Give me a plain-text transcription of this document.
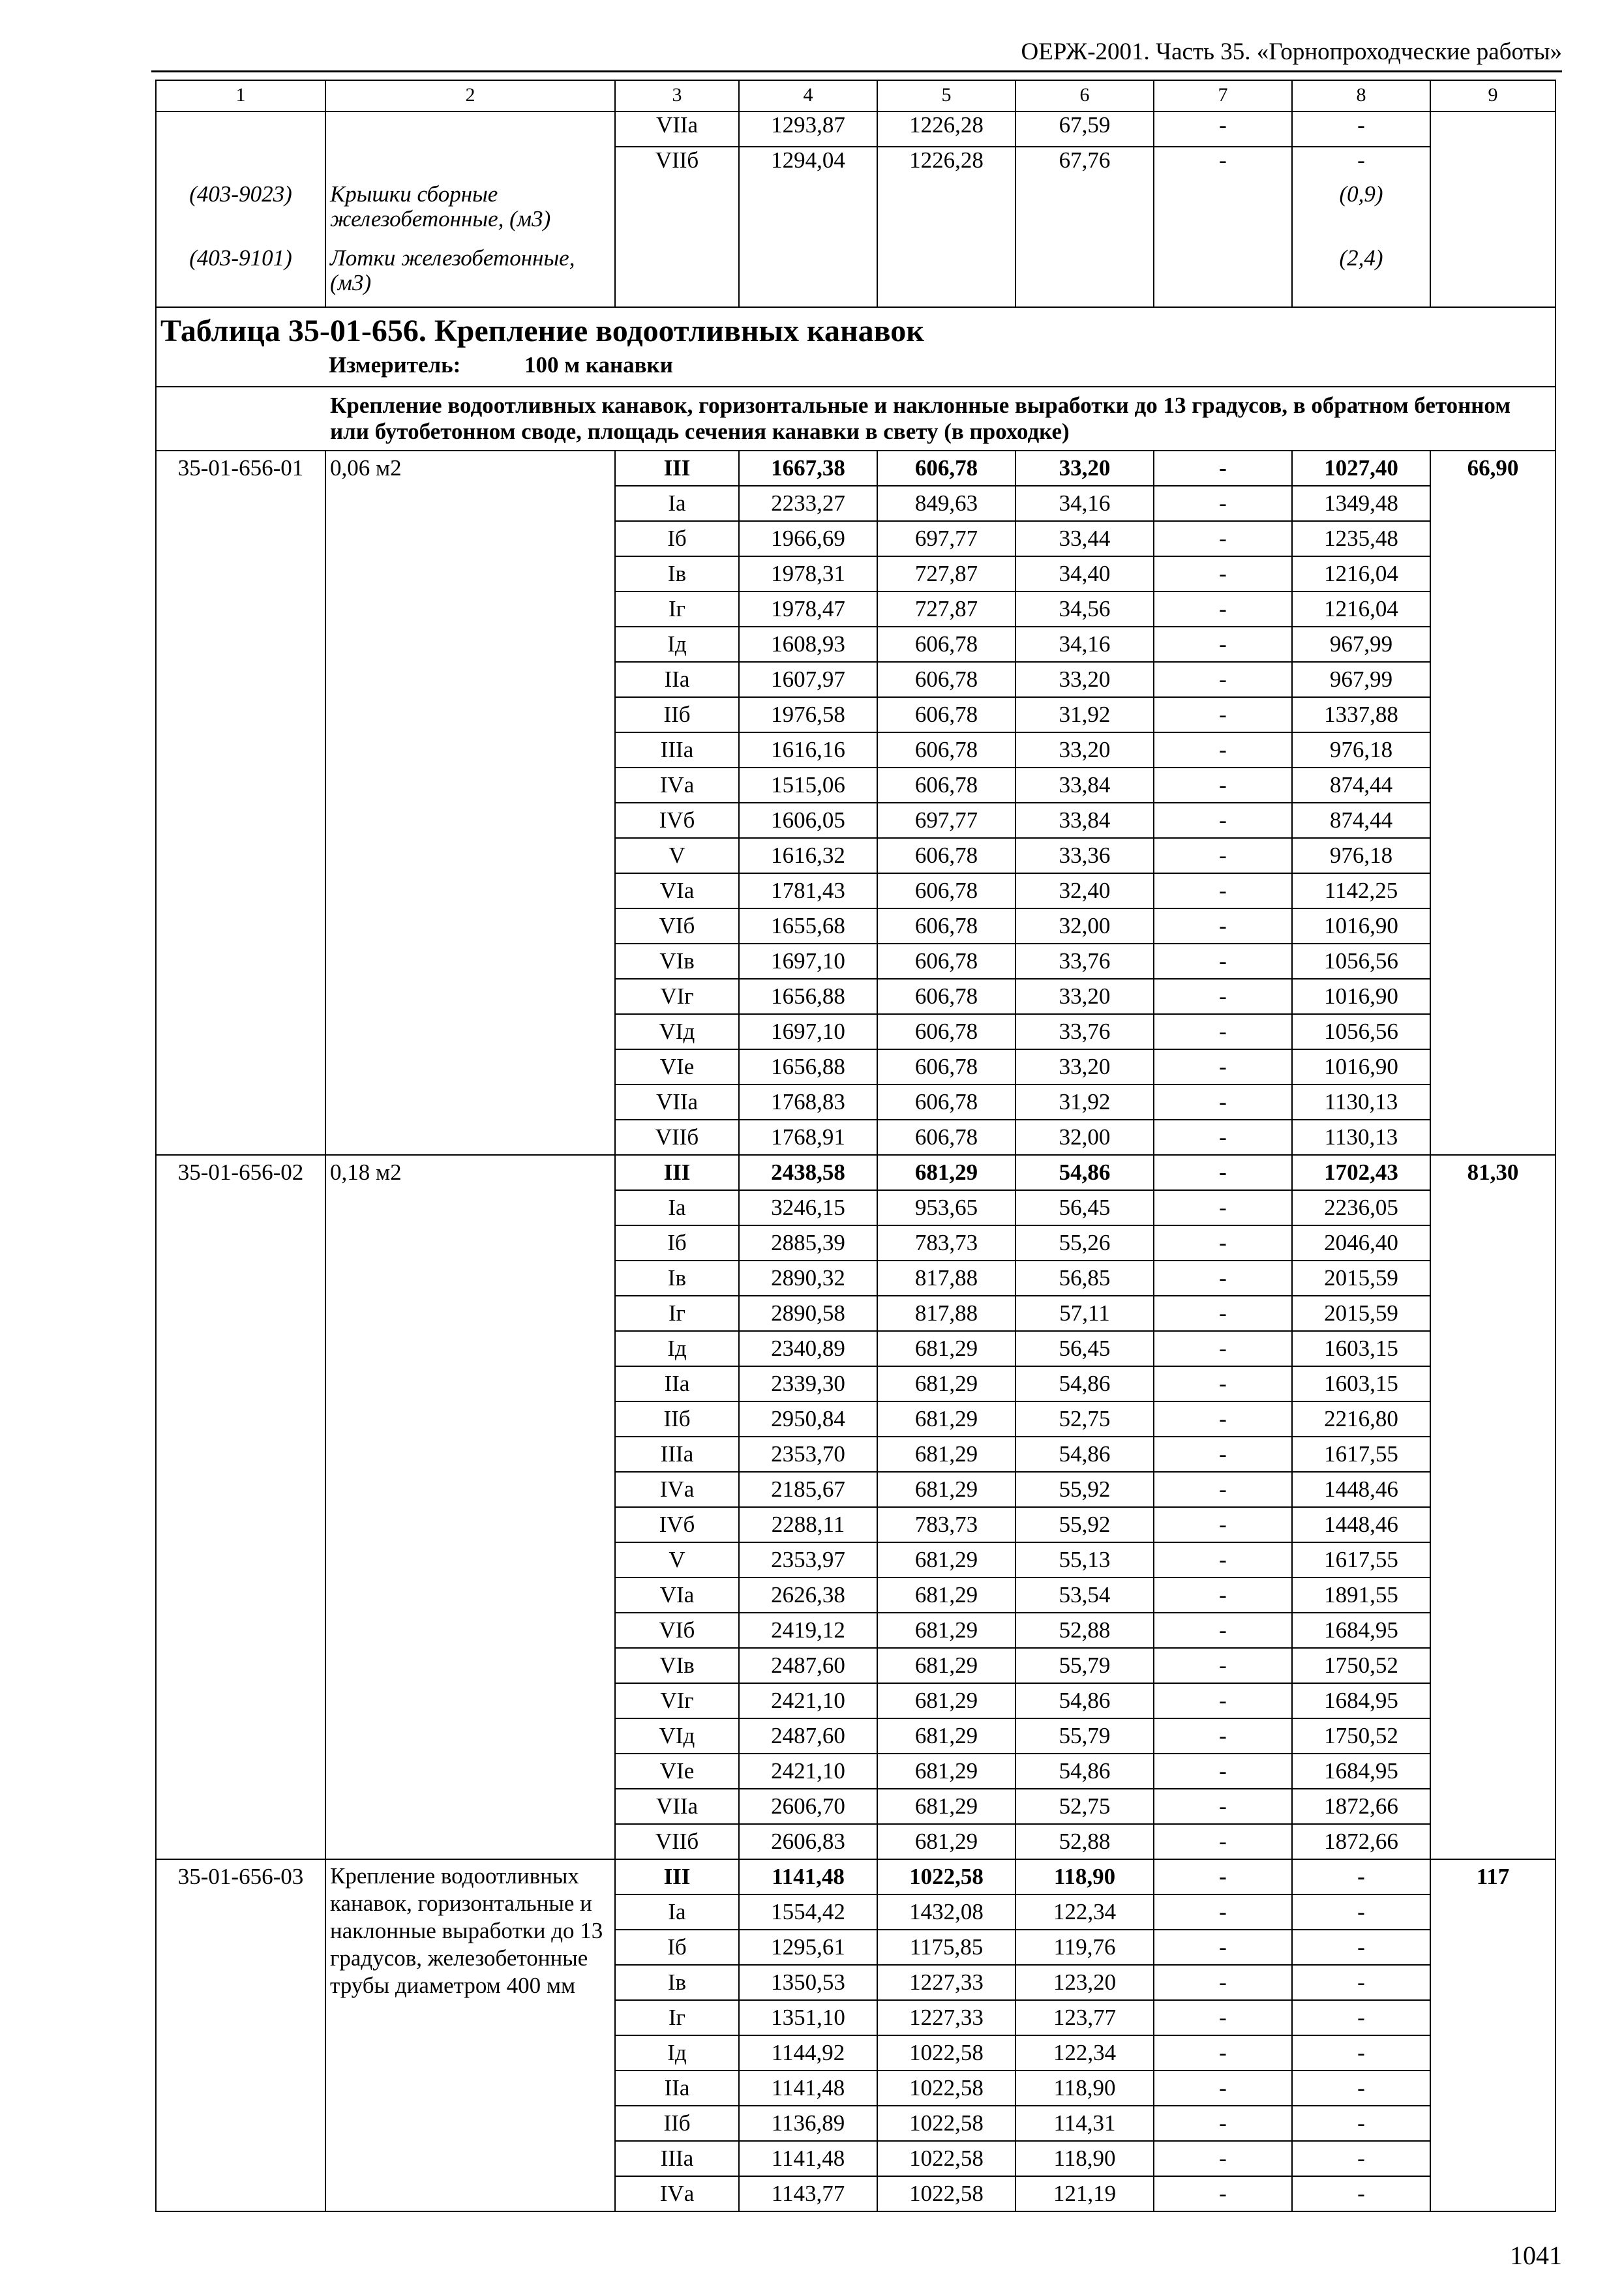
ОЕРЖ-2001. Часть 35. «Горнопроходческие работы»
1	2	3	4	5	6	7	8	9
		VIIа	1293,87	1226,28	67,59	-	-	
		VIIб	1294,04	1226,28	67,76	-	-	
(403-9023)	Крышки сборные железобетонные, (м3)						(0,9)	
(403-9101)	Лотки железобетонные, (м3)						(2,4)	

Таблица 35-01-656. Крепление водоотливных канавок
Измеритель: 100 м канавки								

Крепление водоотливных канавок, горизонтальные и наклонные выработки до 13 градусов, в обратном бетонном или бутобетонном своде, площадь сечения канавки в свету (в проходке)								
35-01-656-01	0,06 м2	III	1667,38	606,78	33,20	-	1027,40	66,90
		Iа	2233,27	849,63	34,16	-	1349,48	
		Iб	1966,69	697,77	33,44	-	1235,48	
		Iв	1978,31	727,87	34,40	-	1216,04	
		Iг	1978,47	727,87	34,56	-	1216,04	
		Iд	1608,93	606,78	34,16	-	967,99	
		IIа	1607,97	606,78	33,20	-	967,99	
		IIб	1976,58	606,78	31,92	-	1337,88	
		IIIа	1616,16	606,78	33,20	-	976,18	
		IVа	1515,06	606,78	33,84	-	874,44	
		IVб	1606,05	697,77	33,84	-	874,44	
		V	1616,32	606,78	33,36	-	976,18	
		VIа	1781,43	606,78	32,40	-	1142,25	
		VIб	1655,68	606,78	32,00	-	1016,90	
		VIв	1697,10	606,78	33,76	-	1056,56	
		VIг	1656,88	606,78	33,20	-	1016,90	
		VIд	1697,10	606,78	33,76	-	1056,56	
		VIе	1656,88	606,78	33,20	-	1016,90	
		VIIа	1768,83	606,78	31,92	-	1130,13	
		VIIб	1768,91	606,78	32,00	-	1130,13	
35-01-656-02	0,18 м2	III	2438,58	681,29	54,86	-	1702,43	81,30
		Iа	3246,15	953,65	56,45	-	2236,05	
		Iб	2885,39	783,73	55,26	-	2046,40	
		Iв	2890,32	817,88	56,85	-	2015,59	
		Iг	2890,58	817,88	57,11	-	2015,59	
		Iд	2340,89	681,29	56,45	-	1603,15	
		IIа	2339,30	681,29	54,86	-	1603,15	
		IIб	2950,84	681,29	52,75	-	2216,80	
		IIIа	2353,70	681,29	54,86	-	1617,55	
		IVа	2185,67	681,29	55,92	-	1448,46	
		IVб	2288,11	783,73	55,92	-	1448,46	
		V	2353,97	681,29	55,13	-	1617,55	
		VIа	2626,38	681,29	53,54	-	1891,55	
		VIб	2419,12	681,29	52,88	-	1684,95	
		VIв	2487,60	681,29	55,79	-	1750,52	
		VIг	2421,10	681,29	54,86	-	1684,95	
		VIд	2487,60	681,29	55,79	-	1750,52	
		VIе	2421,10	681,29	54,86	-	1684,95	
		VIIа	2606,70	681,29	52,75	-	1872,66	
		VIIб	2606,83	681,29	52,88	-	1872,66	
35-01-656-03	Крепление водоотливных канавок, горизонтальные и наклонные выработки до 13 градусов, железобетонные трубы диаметром 400 мм	III	1141,48	1022,58	118,90	-	-	117
		Iа	1554,42	1432,08	122,34	-	-	
		Iб	1295,61	1175,85	119,76	-	-	
		Iв	1350,53	1227,33	123,20	-	-	
		Iг	1351,10	1227,33	123,77	-	-	
		Iд	1144,92	1022,58	122,34	-	-	
		IIа	1141,48	1022,58	118,90	-	-	
		IIб	1136,89	1022,58	114,31	-	-	
		IIIа	1141,48	1022,58	118,90	-	-	
		IVа	1143,77	1022,58	121,19	-	-	
1041
